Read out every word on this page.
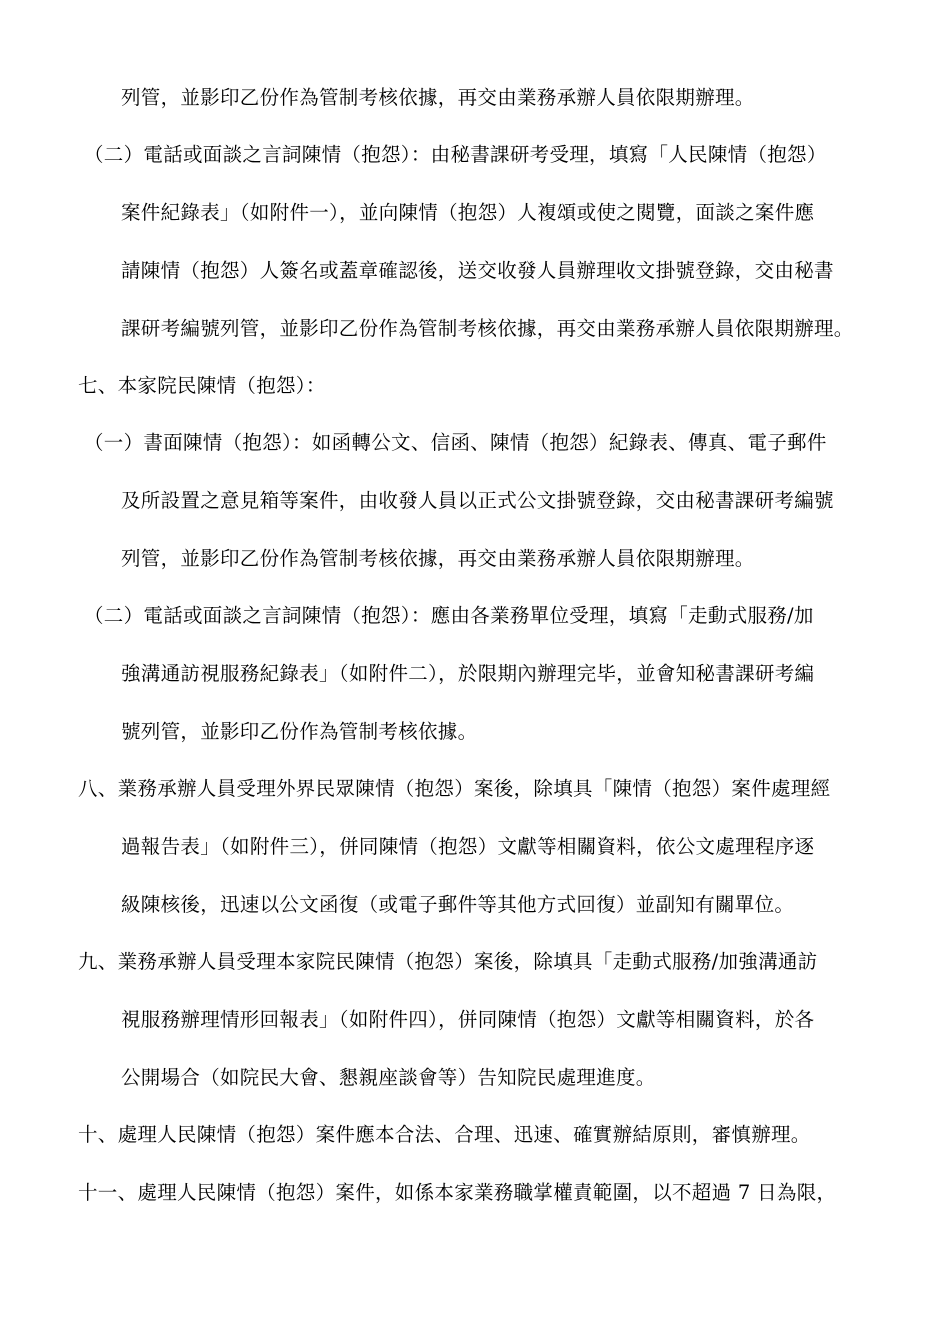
列管，並影印乙份作為管制考核依據，再交由業務承辦人員依限期辦理。
（二）電話或面談之言詞陳情（抱怨）：由秘書課研考受理，填寫「人民陳情（抱怨）
案件紀錄表」（如附件一），並向陳情（抱怨）人複頌或使之閱覽，面談之案件應
請陳情（抱怨）人簽名或蓋章確認後，送交收發人員辦理收文掛號登錄，交由秘書
課研考編號列管，並影印乙份作為管制考核依據，再交由業務承辦人員依限期辦理。
七、本家院民陳情（抱怨）：
（一）書面陳情（抱怨）：如函轉公文、信函、陳情（抱怨）紀錄表、傳真、電子郵件
及所設置之意見箱等案件，由收發人員以正式公文掛號登錄，交由秘書課研考編號
列管，並影印乙份作為管制考核依據，再交由業務承辦人員依限期辦理。
（二）電話或面談之言詞陳情（抱怨）：應由各業務單位受理，填寫「走動式服務/加
強溝通訪視服務紀錄表」（如附件二），於限期內辦理完毕，並會知秘書課研考編
號列管，並影印乙份作為管制考核依據。
八、業務承辦人員受理外界民眾陳情（抱怨）案後，除填具「陳情（抱怨）案件處理經
過報告表」（如附件三），併同陳情（抱怨）文獻等相關資料，依公文處理程序逐
級陳核後，迅速以公文函復（或電子郵件等其他方式回復）並副知有關單位。
九、業務承辦人員受理本家院民陳情（抱怨）案後，除填具「走動式服務/加強溝通訪
視服務辦理情形回報表」（如附件四），併同陳情（抱怨）文獻等相關資料，於各
公開場合（如院民大會、懇親座談會等）告知院民處理進度。
十、處理人民陳情（抱怨）案件應本合法、合理、迅速、確實辦結原則，審慎辦理。
十一、處理人民陳情（抱怨）案件，如係本家業務職掌權責範圍，以不超過 7 日為限，
